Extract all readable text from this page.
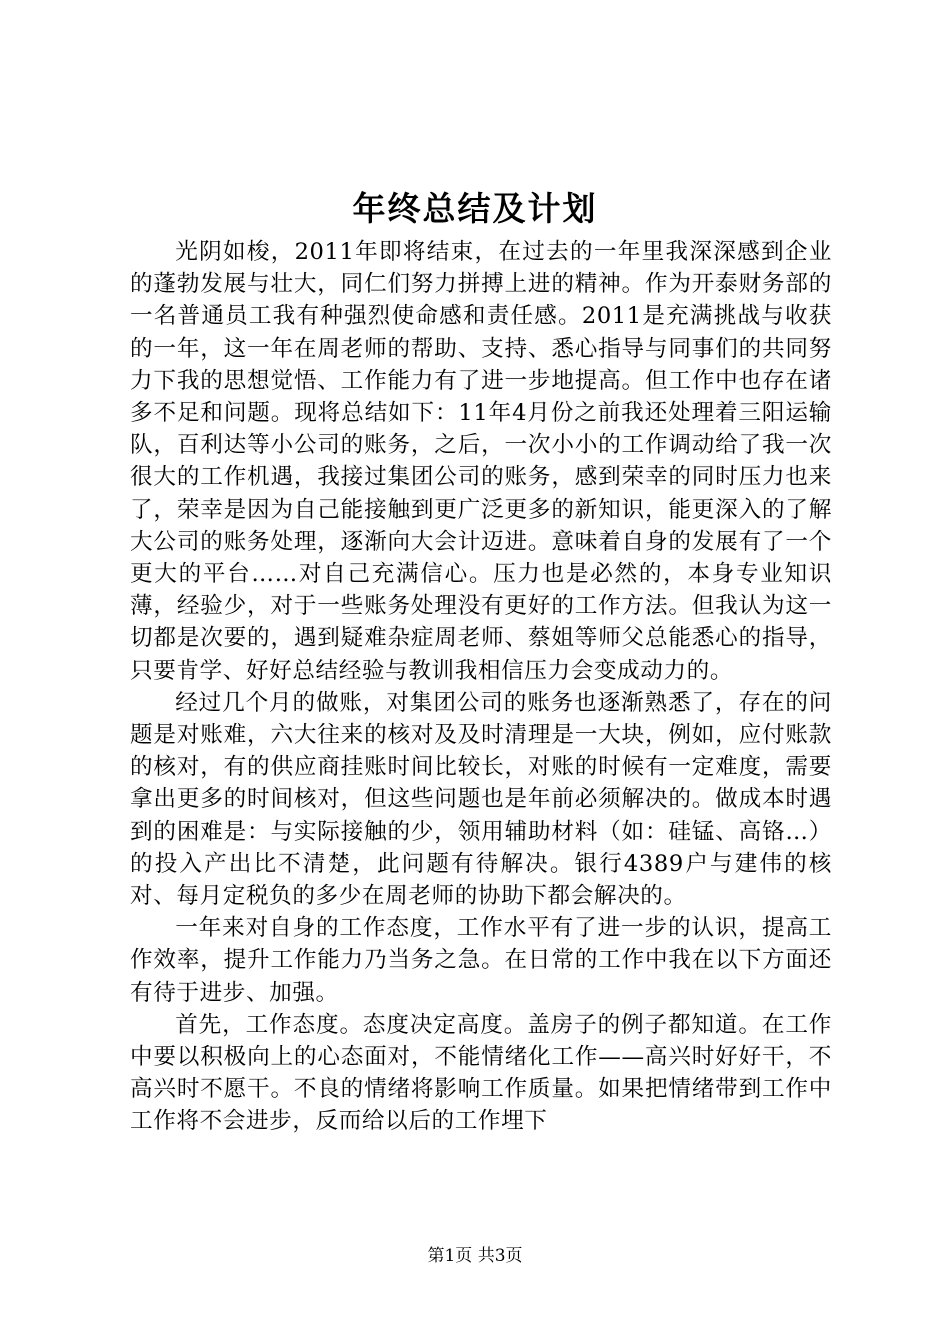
年终总结及计划

光阴如梭，2011年即将结束，在过去的一年里我深深感到企业的蓬勃发展与壮大，同仁们努力拼搏上进的精神。作为开泰财务部的一名普通员工我有种强烈使命感和责任感。2011是充满挑战与收获的一年，这一年在周老师的帮助、支持、悉心指导与同事们的共同努力下我的思想觉悟、工作能力有了进一步地提高。但工作中也存在诸多不足和问题。现将总结如下：11年4月份之前我还处理着三阳运输队，百利达等小公司的账务，之后，一次小小的工作调动给了我一次很大的工作机遇，我接过集团公司的账务，感到荣幸的同时压力也来了，荣幸是因为自己能接触到更广泛更多的新知识，能更深入的了解大公司的账务处理，逐渐向大会计迈进。意味着自身的发展有了一个更大的平台……对自己充满信心。压力也是必然的，本身专业知识薄，经验少，对于一些账务处理没有更好的工作方法。但我认为这一切都是次要的，遇到疑难杂症周老师、蔡姐等师父总能悉心的指导，只要肯学、好好总结经验与教训我相信压力会变成动力的。

经过几个月的做账，对集团公司的账务也逐渐熟悉了，存在的问题是对账难，六大往来的核对及及时清理是一大块，例如，应付账款的核对，有的供应商挂账时间比较长，对账的时候有一定难度，需要拿出更多的时间核对，但这些问题也是年前必须解决的。做成本时遇到的困难是：与实际接触的少，领用辅助材料（如：硅锰、高铬…）的投入产出比不清楚，此问题有待解决。银行4389户与建伟的核对、每月定税负的多少在周老师的协助下都会解决的。

一年来对自身的工作态度，工作水平有了进一步的认识，提高工作效率，提升工作能力乃当务之急。在日常的工作中我在以下方面还有待于进步、加强。

首先，工作态度。态度决定高度。盖房子的例子都知道。在工作中要以积极向上的心态面对，不能情绪化工作——高兴时好好干，不高兴时不愿干。不良的情绪将影响工作质量。如果把情绪带到工作中工作将不会进步，反而给以后的工作埋下

第1页 共3页
